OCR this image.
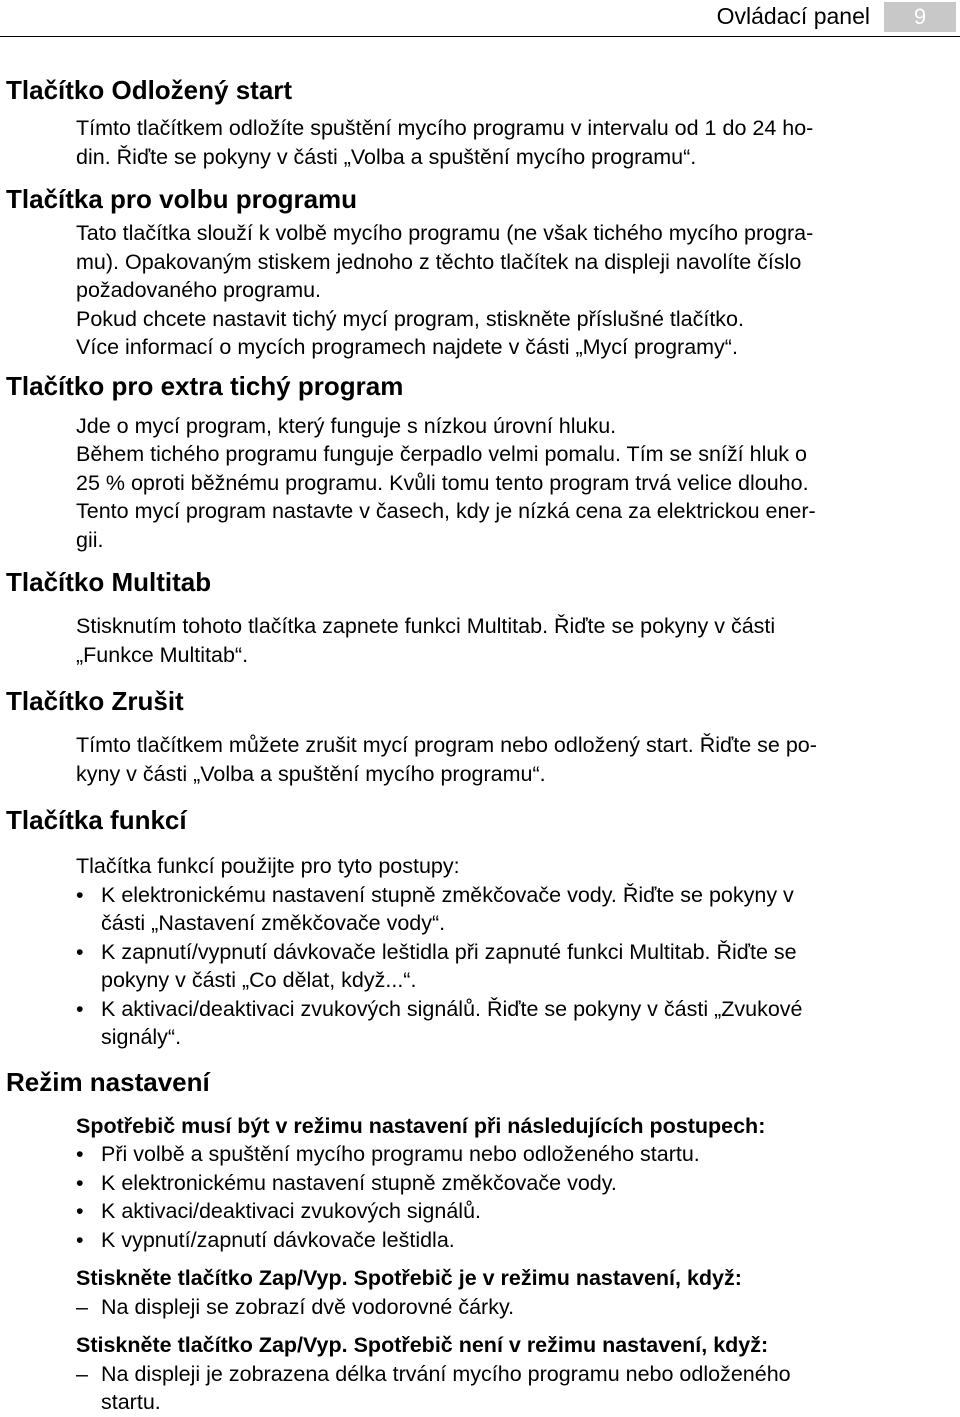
Ovládací panel	9
Tlačítko Odložený start

Tímto tlačítkem odložíte spuštění mycího programu v intervalu od 1 do 24 ho-

din. Řiďte se pokyny v části „Volba a spuštění mycího programu“.

Tlačítka pro volbu programu

Tato tlačítka slouží k volbě mycího programu (ne však tichého mycího progra-

mu). Opakovaným stiskem jednoho z těchto tlačítek na displeji navolíte číslo

požadovaného programu.

Pokud chcete nastavit tichý mycí program, stiskněte příslušné tlačítko.

Více informací o mycích programech najdete v části „Mycí programy“.

Tlačítko pro extra tichý program

Jde o mycí program, který funguje s nízkou úrovní hluku.

Během tichého programu funguje čerpadlo velmi pomalu. Tím se sníží hluk o

25 % oproti běžnému programu. Kvůli tomu tento program trvá velice dlouho.

Tento mycí program nastavte v časech, kdy je nízká cena za elektrickou ener-

gii.

Tlačítko Multitab

Stisknutím tohoto tlačítka zapnete funkci Multitab. Řiďte se pokyny v části

„Funkce Multitab“.

Tlačítko Zrušit

Tímto tlačítkem můžete zrušit mycí program nebo odložený start. Řiďte se po-

kyny v části „Volba a spuštění mycího programu“.

Tlačítka funkcí

Tlačítka funkcí použijte pro tyto postupy:

• K elektronickému nastavení stupně změkčovače vody. Řiďte se pokyny v
části „Nastavení změkčovače vody“.
• K zapnutí/vypnutí dávkovače leštidla při zapnuté funkci Multitab. Řiďte se
pokyny v části „Co dělat, když...“.
• K aktivaci/deaktivaci zvukových signálů. Řiďte se pokyny v části „Zvukové
signály“.
Režim nastavení

Spotřebič musí být v režimu nastavení při následujících postupech:

• Při volbě a spuštění mycího programu nebo odloženého startu.
• K elektronickému nastavení stupně změkčovače vody.
• K aktivaci/deaktivaci zvukových signálů.
• K vypnutí/zapnutí dávkovače leštidla.

Stiskněte tlačítko Zap/Vyp. Spotřebič je v režimu nastavení, když:

– Na displeji se zobrazí dvě vodorovné čárky.

Stiskněte tlačítko Zap/Vyp. Spotřebič není v režimu nastavení, když:

– Na displeji je zobrazena délka trvání mycího programu nebo odloženého
startu.
